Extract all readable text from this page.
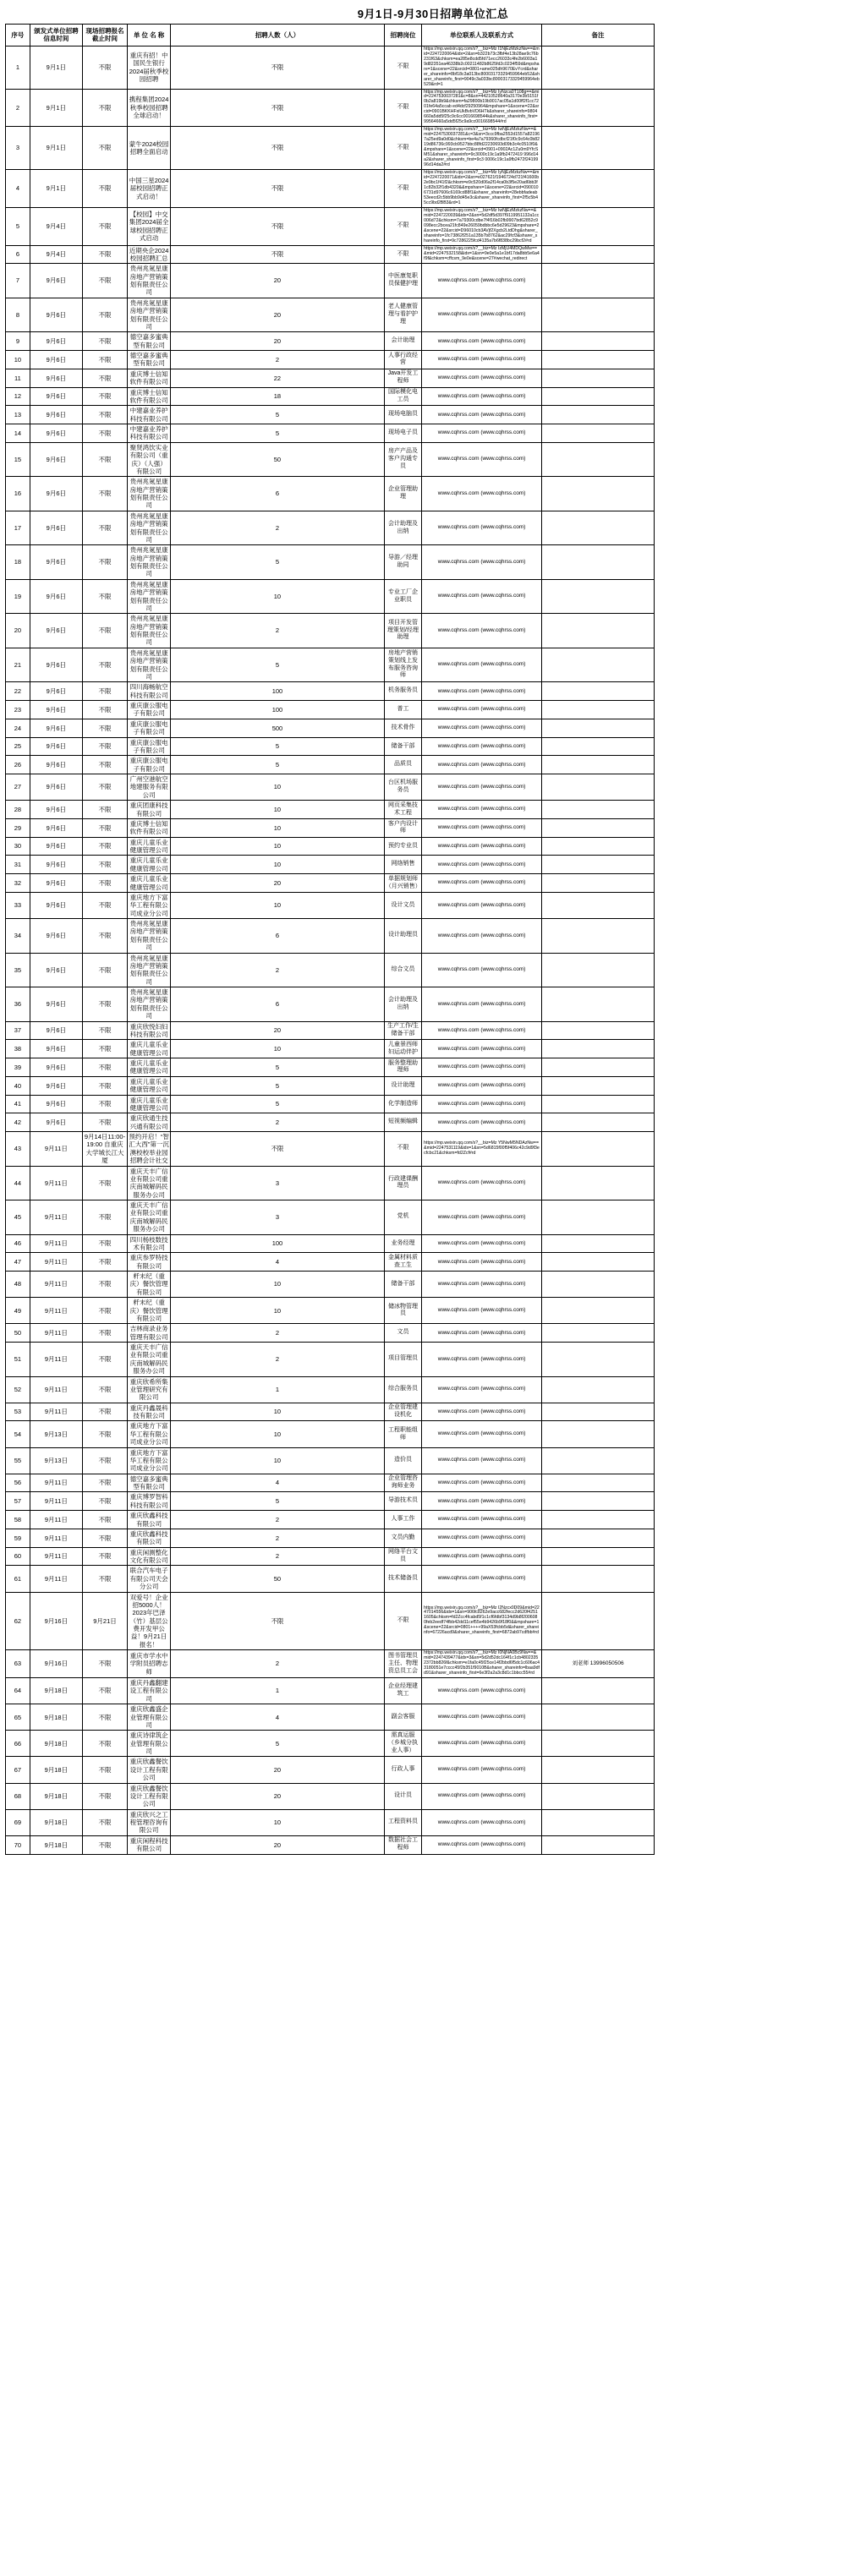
9月1日-9月30日招聘单位汇总
序号	颁发式单位招聘信息时间	现场招聘报名截止时间	单 位 名 称	招聘人数（人）	招聘岗位	单位联系人及联系方式	备注
1	9月1日	不限	重庆有招！中国民生银行2024届秋季校园招聘	不限	不限	https://mp.weixin.qq.com/s?__biz=Mz I1NjEzMzkzNw==&mid=2247220064&idx=2&sn=b322b73c3fbf4e13b28ae9c76b231f63&chksm=ea285e8cdd5fd71ecc26033c4fe2b6003a19d82351ea46338b2c00211482b8625fd2c0234f59d&mpshare=1&scene=22&srcid=0801+ame025dh9670EvYcrd&sharer_shareinfo=8bf18c3a013bc80003173329459964eb52&sharer_shareinfo_first=9049c3a033bc80003173329459964eb529&rd=1	
2	9月1日	不限	携程集团2024秋季校园招聘全球启动！	不限	不限	https://mp.weixin.qq.com/s?__biz=Mz IyNzca0T108g==&mid=2247530037281&c=8&sn=44210528640a3170e3b5151f0b2a819b9&chksm=fa29800b19b9017ac05a1d00ff2f1cc7201fe64a5ccab ed4dcf29250964&mpshare=1&scene=22&srcid=0901BKKHFxiUkBvbVD6HTk&sharer_shareinfo=9804660a5dd5f25c9c6cc0016698544k&sharer_shareinfo_first=99564660a5dd5f25c9a9cc0016698544#rd	
3	9月1日	不限	蒙牛2024校园招聘全面启动	不限	不限	https://mp.weixin.qq.com/s?__biz=Mz IwNjEzMzkzNw==&mid=2247530037281&c=3&sn=3ccc9fba2552d1557a821967a25ed9a0d0&chksm=be4a7a79360fcdbcf21f0c9c64c0b8219d86736c993cb9527bbc88fd22230693d09b3c4c0510f0&&mpshare=1&scene=22&srcid=0901+0902Ac1Zu0m9YfcSM51&sharer_shareinfo=9c3000c19c1a9fb2472419 996d14a2&sharer_shareinfo_first=9c3 0006c19c1a9fb2472f2419996d14da2#rd	
4	9月1日	不限	中国三星2024 届校园招聘正式启动！	不限	不限	https://mp.weixin.qq.com/s?__biz=Mz IyNjEzMzkzNw==&mid=2247220071&idx=2&sn=e027621f1946724d721f41600b2e9bc1f41f2&chksm=e9c520d06a2f14ca0b3f5e20ad6bb3f1c82b32f1db4320&&mpshare=1&scene=22&srcid=0900106731d97606c6169cd88f1&sharer_shareinfo=28ebbfadeab53eecd2c5bb9bb9d45e3c&sharer_shareinfo_first=2f5c5b45cc9bd2BB3&rd=1	
5	9月4日	不限	【校园】中交集团2024届全球校园招聘正式启动	不限	不限	https://mp.weixin.qq.com/s?__biz=Mz IwNjEzMzkzNw==&mid=2247220039&idx=2&sn=5d2df5d397f9119951132a1cc006d72&chksm=7a79300cdbe7f4f16b02fb9907bd62852c9098ecc2bcea21fc849e26059bdbbc6e5d29623&mpshare=2&scene=22&srcid=D96010cb3AVjf2Xgcb2LtdDhg&sharer_shareinfo=1fc73862f251a135b7b8762&ac29fcf3&sharer_shareinfo_first=9c7286225fcd4135a7b6f838bc29bcf2#rd	
6	9月4日	不限	近期央企2024校园招聘汇总	不限	不限	https://mp.weixin.qq.com/s?__biz=Mz IzMjU4MDQwMw==&mid=2247532158&idx=1&sn=9e0e5a1e1bf17da8bb5e6a4f9f&chksm=cffcsm_9e0e&scene=27#wechat_redirect	
7	9月6日	不限	贵州兆氪星康房地产营销策划有限责任公司	20	中医康复职员保健护理	www.cqhrss.com (www.cqhrss.com)	
8	9月6日	不限	贵州兆氪星康房地产营销策划有限责任公司	20	老人健康管理与看护护理	www.cqhrss.com (www.cqhrss.com)	
9	9月6日	不限	德空嘉多蜜典型有限公司	20	会计助理	www.cqhrss.com (www.cqhrss.com)	
10	9月6日	不限	德空嘉多蜜典型有限公司	2	人事行政经营	www.cqhrss.com (www.cqhrss.com)	
11	9月6日	不限	重庆博士信知软件有限公司	22	Java开发工程师	www.cqhrss.com (www.cqhrss.com)	
12	9月6日	不限	重庆博士信知软件有限公司	18	国际模化电工员	www.cqhrss.com (www.cqhrss.com)	
13	9月6日	不限	中建嘉业养护科技有限公司	5	现场电脑员	www.cqhrss.com (www.cqhrss.com)	
14	9月6日	不限	中建嘉业养护科技有限公司	5	现场电子员	www.cqhrss.com (www.cqhrss.com)	
15	9月6日	不限	聚贤鸿饮实业有限公司（重庆）（人强）有限公司	50	房产产品及客户沟通专员	www.cqhrss.com (www.cqhrss.com)	
16	9月6日	不限	贵州兆氪星康房地产营销策划有限责任公司	6	企业管理助理	www.cqhrss.com (www.cqhrss.com)	
17	9月6日	不限	贵州兆氪星康房地产营销策划有限责任公司	2	会计助理及出纳	www.cqhrss.com (www.cqhrss.com)	
18	9月6日	不限	贵州兆氪星康房地产营销策划有限责任公司	5	导游／经理助同	www.cqhrss.com (www.cqhrss.com)	
19	9月6日	不限	贵州兆氪星康房地产营销策划有限责任公司	10	专业工厂企业职员	www.cqhrss.com (www.cqhrss.com)	
20	9月6日	不限	贵州兆氪星康房地产营销策划有限责任公司	2	项目开发管理策划/经理助理	www.cqhrss.com (www.cqhrss.com)	
21	9月6日	不限	贵州兆氪星康房地产营销策划有限责任公司	5	房地产营销策划线上发布服务咨询师	www.cqhrss.com (www.cqhrss.com)	
22	9月6日	不限	四川海畅航空科技有限公司	100	机务服务员	www.cqhrss.com (www.cqhrss.com)	
23	9月6日	不限	重庆康公服电子有限公司	100	普工	www.cqhrss.com (www.cqhrss.com)	
24	9月6日	不限	重庆康公服电子有限公司	500	技术骨作	www.cqhrss.com (www.cqhrss.com)	
25	9月6日	不限	重庆康公服电子有限公司	5	储备干部	www.cqhrss.com (www.cqhrss.com)	
26	9月6日	不限	重庆康公服电子有限公司	5	品质员	www.cqhrss.com (www.cqhrss.com)	
27	9月6日	不限	广州空港航空地建服务有限公司	10	台区机场服务员	www.cqhrss.com (www.cqhrss.com)	
28	9月6日	不限	重庆团康科技有限公司	10	网页采集技术工程	www.cqhrss.com (www.cqhrss.com)	
29	9月6日	不限	重庆博士信知软件有限公司	10	客户内设计师	www.cqhrss.com (www.cqhrss.com)	
30	9月6日	不限	重庆儿童乐业健康管理公司	10	预约专业员	www.cqhrss.com (www.cqhrss.com)	
31	9月6日	不限	重庆儿童乐业健康管理公司	10	网络销售	www.cqhrss.com (www.cqhrss.com)	
32	9月6日	不限	重庆儿童乐业健康管理公司	20	单据规划师（月兴销售）	www.cqhrss.com (www.cqhrss.com)	
33	9月6日	不限	重庆地方下富华工程有限公司成业分公司	10	设计文员	www.cqhrss.com (www.cqhrss.com)	
34	9月6日	不限	贵州兆氪星康房地产营销策划有限责任公司	6	设计助理员	www.cqhrss.com (www.cqhrss.com)	
35	9月6日	不限	贵州兆氪星康房地产营销策划有限责任公司	2	综合文员	www.cqhrss.com (www.cqhrss.com)	
36	9月6日	不限	贵州兆氪星康房地产营销策划有限责任公司	6	会计助理及出纳	www.cqhrss.com (www.cqhrss.com)	
37	9月6日	不限	重庆欣悦妇妇科技有限公司	20	生产工作/生储备干部	www.cqhrss.com (www.cqhrss.com)	
38	9月6日	不限	重庆儿童乐业健康管理公司	10	儿童景西师妇运动伴护	www.cqhrss.com (www.cqhrss.com)	
39	9月6日	不限	重庆儿童乐业健康管理公司	5	服务整理助理师	www.cqhrss.com (www.cqhrss.com)	
40	9月6日	不限	重庆儿童乐业健康管理公司	5	设计助理	www.cqhrss.com (www.cqhrss.com)	
41	9月6日	不限	重庆儿童乐业健康管理公司	5	化学制造师	www.cqhrss.com (www.cqhrss.com)	
42	9月6日	不限	重庆欣通生技兴通有限公司	2	短视频编辑	www.cqhrss.com (www.cqhrss.com)	
43	9月11日	9月14日11:00-19:00 自重庆大学城长江大厦	预约开启！“智汇大西”第一沉澳校校举业园招聘会计社交	不限	不限	https://mp.weixin.qq.com/s?__biz=Mz Y5NwM5NDAzNw==&mid=2247531119&idx=1&sn=5d6815f00f5f406c42c9d9f3ecfcbc21&chksm=fd2Zcf#rd	
44	9月11日	不限	重庆天丰广信业有限公司重庆南城解码民服务办公司	3	行政建课酬理员	www.cqhrss.com (www.cqhrss.com)	
45	9月11日	不限	重庆天丰广信业有限公司重庆南城解码民服务办公司	3	党机	www.cqhrss.com (www.cqhrss.com)	
46	9月11日	不限	四川杨枝数技术有限公司	100	业务经理	www.cqhrss.com (www.cqhrss.com)	
47	9月11日	不限	重庆参罗特技有限公司	4	金属材料质查工生	www.cqhrss.com (www.cqhrss.com)	
48	9月11日	不限	粁末纪（重庆）餐饮管理有限公司	10	储备干部	www.cqhrss.com (www.cqhrss.com)	
49	9月11日	不限	粁末纪（重庆）餐饮管理有限公司	10	储冰物管理员	www.cqhrss.com (www.cqhrss.com)	
50	9月11日	不限	吉林商录业务管理有限公司	2	文员	www.cqhrss.com (www.cqhrss.com)	
51	9月11日	不限	重庆天丰广信业有限公司重庆南城解码民服务办公司	2	项目管理员	www.cqhrss.com (www.cqhrss.com)	
52	9月11日	不限	重庆欣希所集业管理研究有限公司	1	综合服务员	www.cqhrss.com (www.cqhrss.com)	
53	9月11日	不限	重庆丹鑫晟科技有限公司	10	企业管理建设机化	www.cqhrss.com (www.cqhrss.com)	
54	9月13日	不限	重庆地方下富华工程有限公司成业分公司	10	工程职能组师	www.cqhrss.com (www.cqhrss.com)	
55	9月13日	不限	重庆地方下富华工程有限公司成业分公司	10	造价员	www.cqhrss.com (www.cqhrss.com)	
56	9月11日	不限	德空嘉多蜜典型有限公司	4	企业管理咨询师业务	www.cqhrss.com (www.cqhrss.com)	
57	9月11日	不限	重庆博罗智科科技有限公司	5	导游技术员	www.cqhrss.com (www.cqhrss.com)	
58	9月11日	不限	重庆欣鑫科技有限公司	2	人事工作	www.cqhrss.com (www.cqhrss.com)	
59	9月11日	不限	重庆欣鑫科技有限公司	2	文员内勤	www.cqhrss.com (www.cqhrss.com)	
60	9月11日	不限	重庆闲测整化文化有限公司	2	网络平台文员	www.cqhrss.com (www.cqhrss.com)	
61	9月11日	不限	联合汽车电子有限公司天会分公司	50	技术储备员	www.cqhrss.com (www.cqhrss.com)	
62	9月16日	9月21日	双爱号！企业招5000人！2023年巴泽（竹）基层公费开发甲公益！9月21日报名！	不限	不限	https://mp.weixin.qq.com/s?__biz=Mz I2Nzcx0D09&mid=2247014556&idx=1&sn=906fc8262e9acc682fecc2d620f42511605&chksm=fd2Zcc4fcabd5f1c1cf6fdbf3134d9b8f2006080feb2eedf74fbb42dd11cef55e4b9426b9f18f0&&mpshare=1&scene=22&srcid=0801++++99aX53fcbb5d&sharer_shareinfo=67226acd9&sharer_shareinfo_first=6872ab97cdfbb#rd	
63	9月16日	不限	重庆市学水中学附员招聘志师	2	图书管理员主任、物理资总员工会	https://mp.weixin.qq.com/s?__biz=Mz I0NjNA0Bc9Nw==&mid=2247439477&idx=3&sn=5d2d52dc164f1c1cb48023352372bb826f&chksm=e1fa0c45f25ce14f2bbd6f5dc1c606ac43180051e7cccc45f2b351f9010B&sharer_shareinfo=lbaa9dfd91&sharer_shareinfo_first=6e3f2a2a3c8d1c1bbcc55#rd	刘老师 13996050506
64	9月18日	不限	重庆丹鑫翻建设工程有限公司	1	企业经理建筑工	www.cqhrss.com (www.cqhrss.com)	
65	9月18日	不限	重庆欣鑫盛企业管理有限公司	4	副会客服	www.cqhrss.com (www.cqhrss.com)	
66	9月18日	不限	重庆诗律筑企业管理有限公司	5	需真运服（乡城分执业人事）	www.cqhrss.com (www.cqhrss.com)	
67	9月18日	不限	重庆欣鑫餐饮设计工程有限公司	20	行政人事	www.cqhrss.com (www.cqhrss.com)	
68	9月18日	不限	重庆欣鑫餐饮设计工程有限公司	20	设计员	www.cqhrss.com (www.cqhrss.com)	
69	9月18日	不限	重庆欣兴之工程管理咨询有限公司	10	工程资料员	www.cqhrss.com (www.cqhrss.com)	
70	9月18日	不限	重庆闲程科技有限公司	20	数据社会工程师	www.cqhrss.com (www.cqhrss.com)	
